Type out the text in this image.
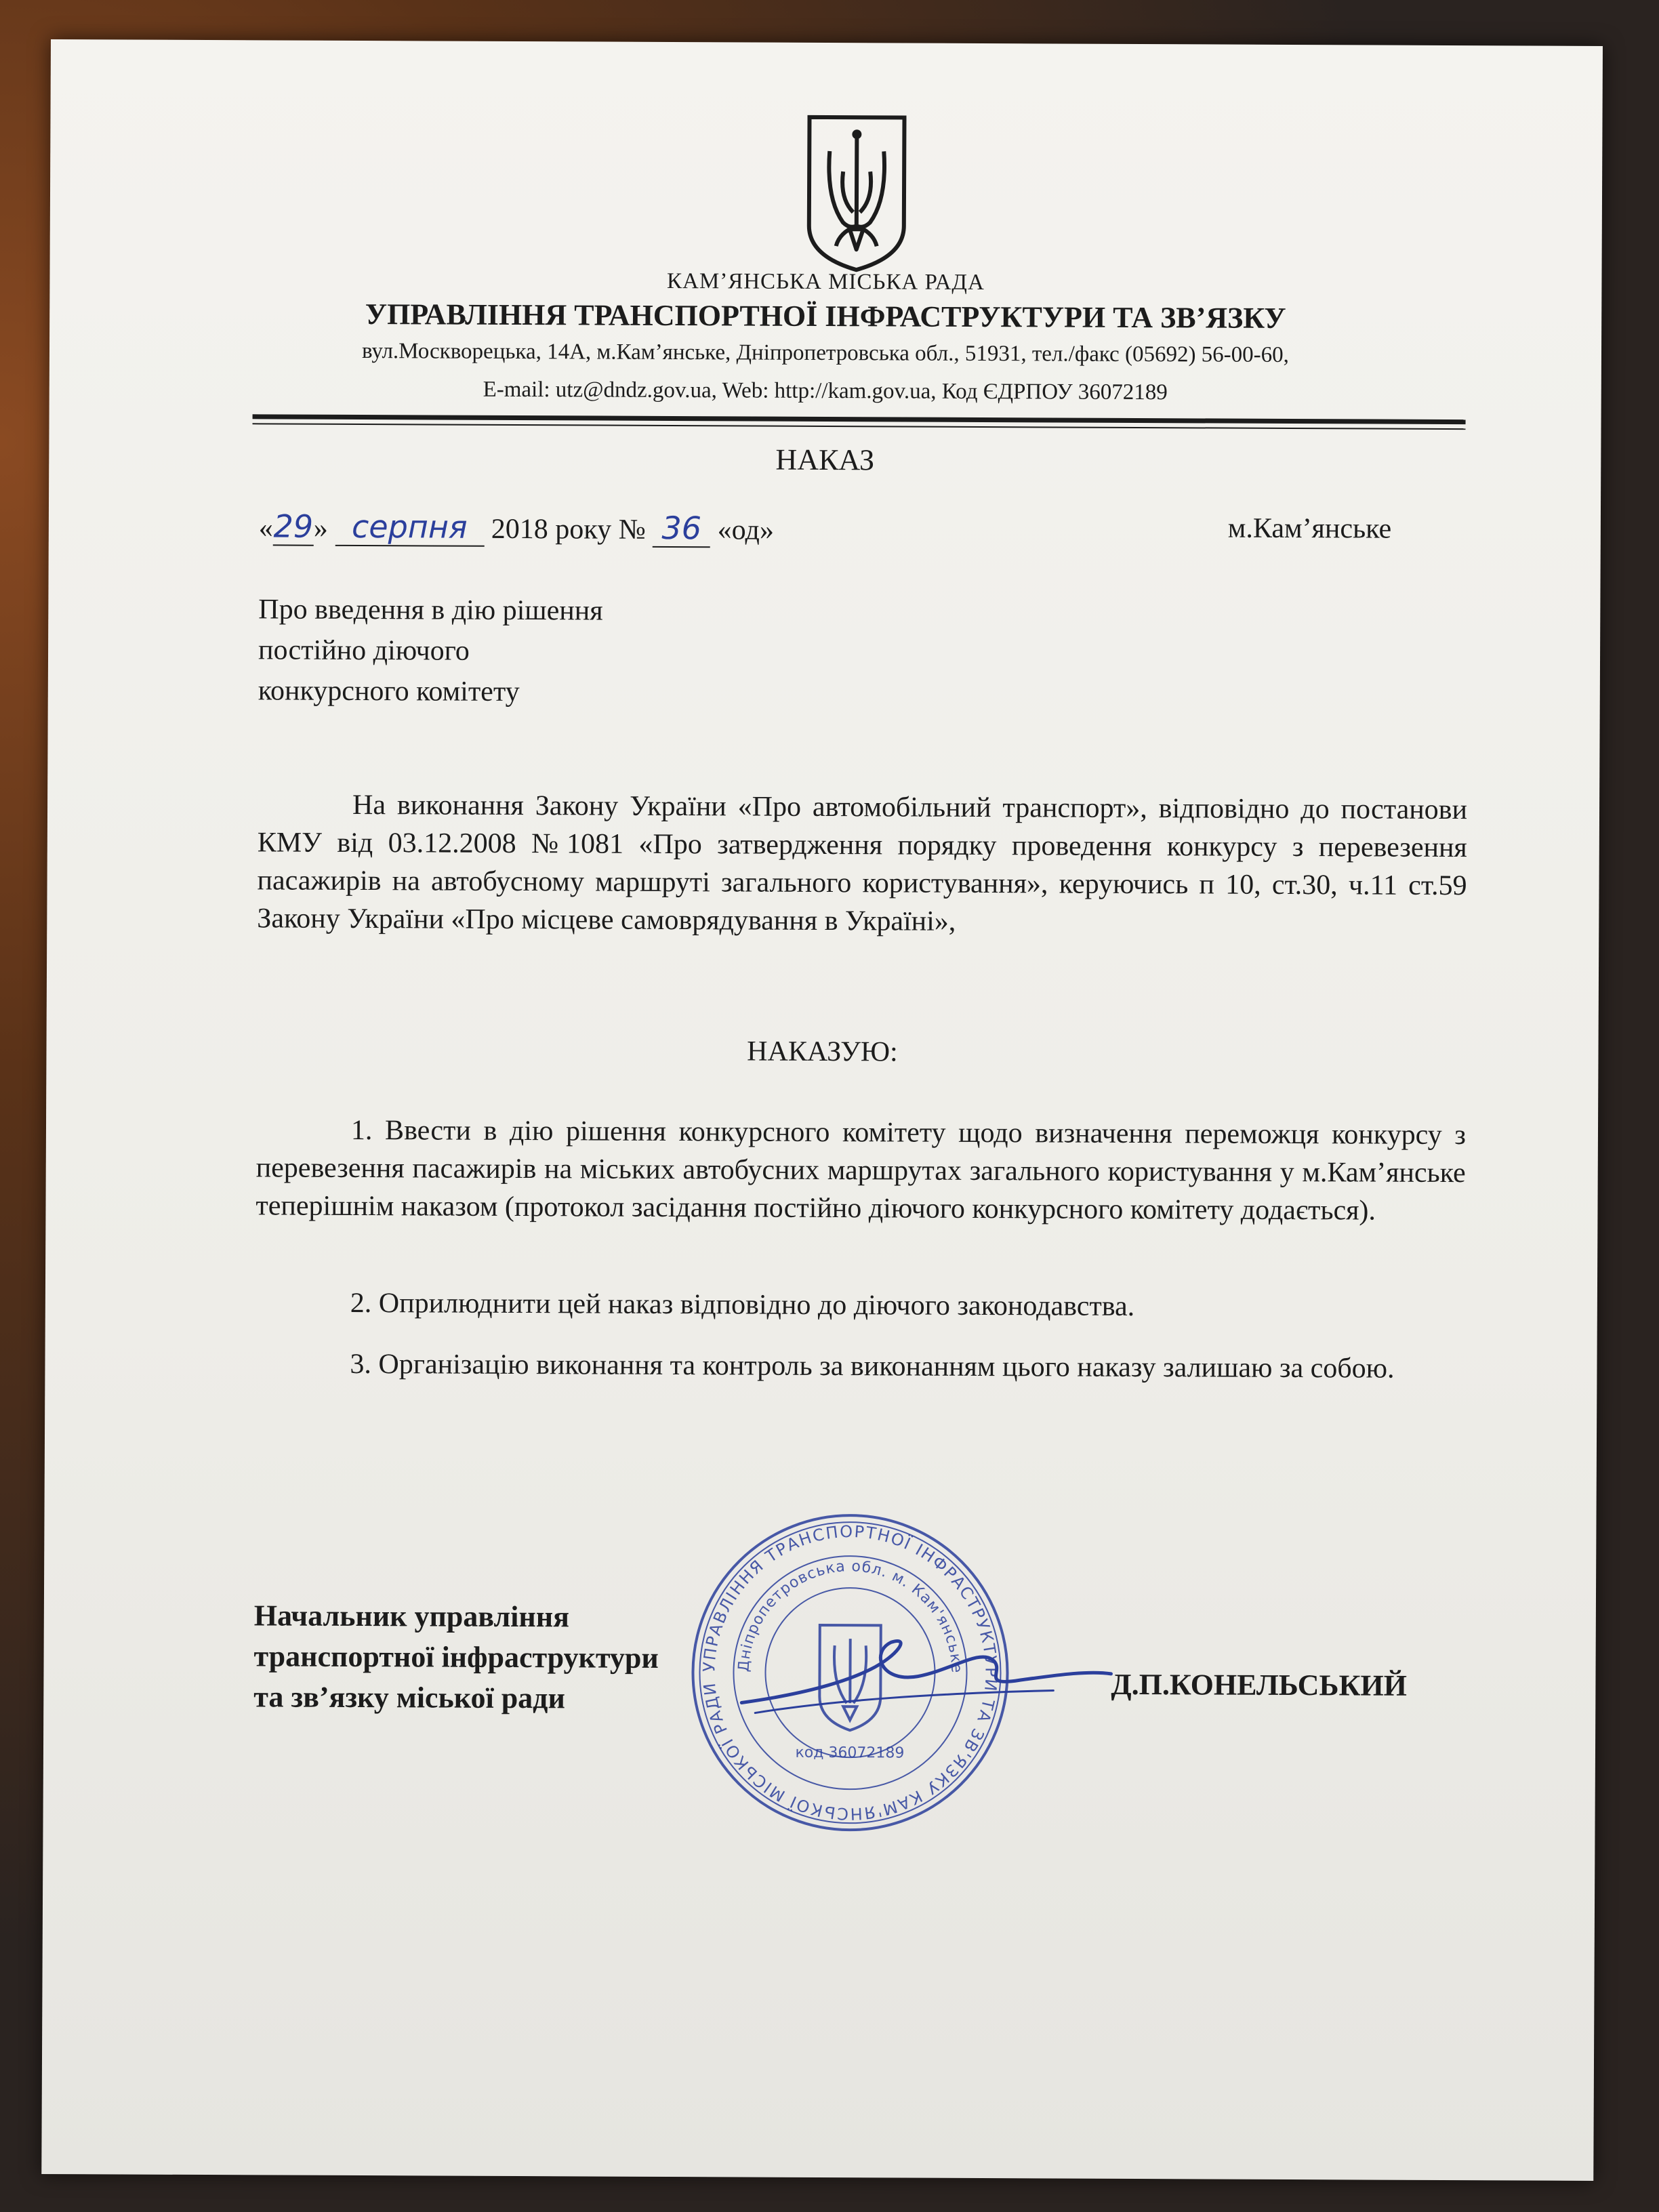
КАМ’ЯНСЬКА МІСЬКА РАДА
УПРАВЛІННЯ ТРАНСПОРТНОЇ ІНФРАСТРУКТУРИ ТА ЗВ’ЯЗКУ
вул.Москворецька, 14А, м.Кам’янське, Дніпропетровська обл., 51931, тел./факс (05692) 56-00-60,
E-mail: utz@dndz.gov.ua, Web: http://kam.gov.ua, Код ЄДРПОУ 36072189
НАКАЗ
«29» серпня 2018 року № 36 «од»	м.Кам’янське
Про введення в дію рішення
постійно діючого
конкурсного комітету
На виконання Закону України «Про автомобільний транспорт», відповідно до постанови КМУ від 03.12.2008 №1081 «Про затвердження порядку проведення конкурсу з перевезення пасажирів на автобусному маршруті загального користування», керуючись п 10, ст.30, ч.11 ст.59 Закону України «Про місцеве самоврядування в Україні»,
НАКАЗУЮ:
1. Ввести в дію рішення конкурсного комітету щодо визначення переможця конкурсу з перевезення пасажирів на міських автобусних маршрутах загального користування у м.Кам’янське теперішнім наказом (протокол засідання постійно діючого конкурсного комітету додається).
2. Оприлюднити цей наказ відповідно до діючого законодавства.
3. Організацію виконання та контроль за виконанням цього наказу залишаю за собою.
Начальник управління
транспортної інфраструктури
та зв’язку міської ради
УПРАВЛІННЯ ТРАНСПОРТНОЇ ІНФРАСТРУКТУРИ ТА ЗВ'ЯЗКУ КАМ'ЯНСЬКОЇ МІСЬКОЇ РАДИ
Дніпропетровська обл. м. Кам'янське
код 36072189
Д.П.КОНЕЛЬСЬКИЙ
